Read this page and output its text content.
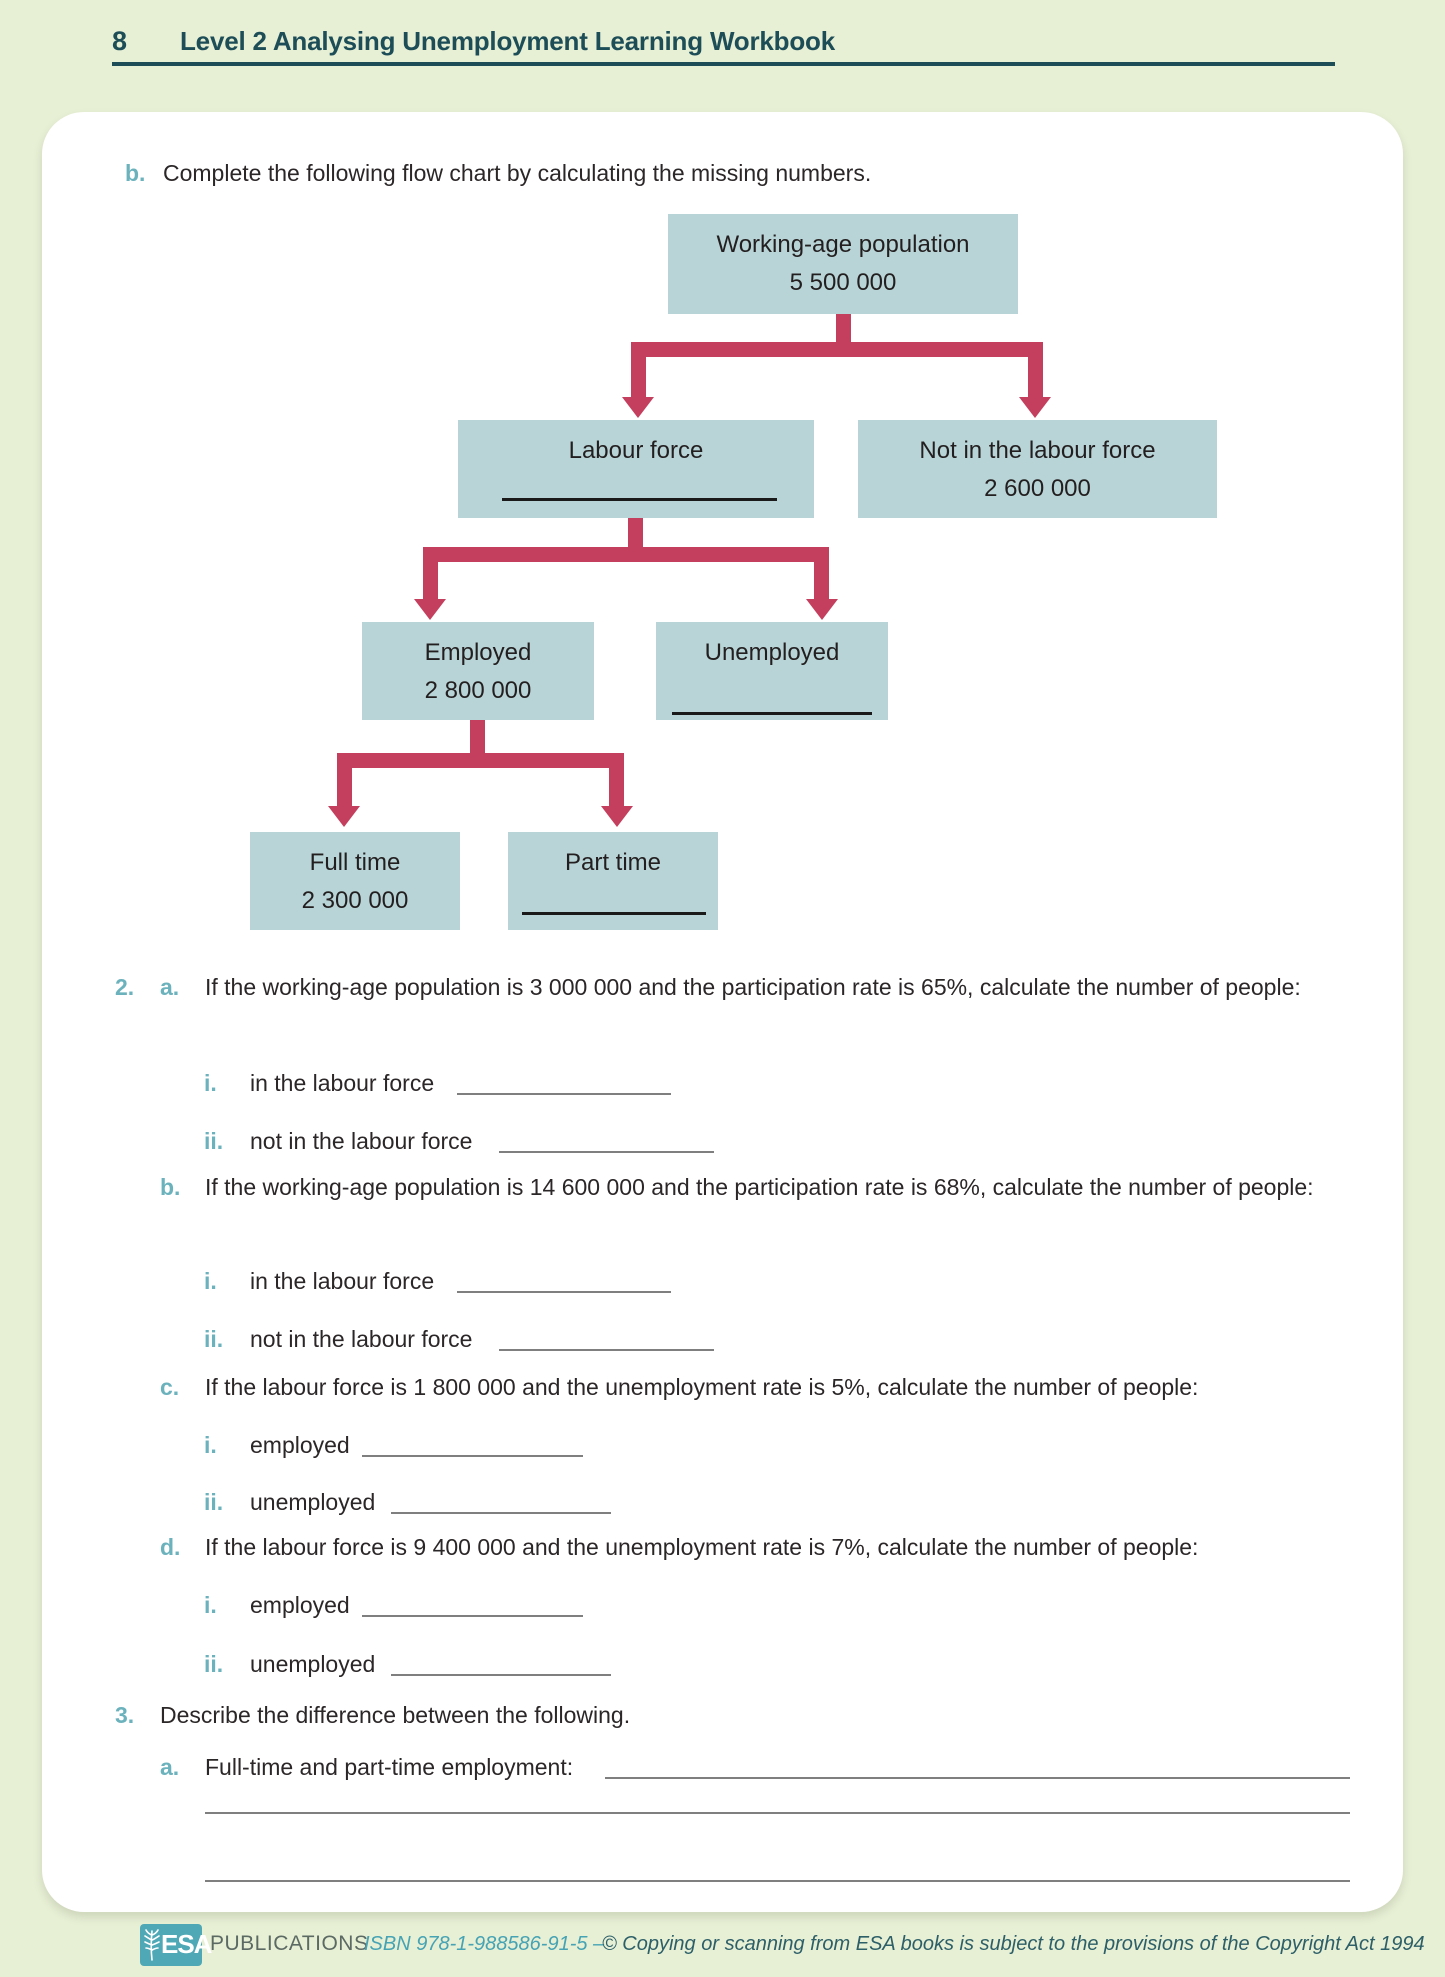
8 Level 2 Analysing Unemployment Learning Workbook
b. Complete the following flow chart by calculating the missing numbers.
Working-age population
5 500 000
Labour force	Not in the labour force
2 600 000
Employed
2 800 000
Unemployed
Full time
2 300 000
Part time
2. a. If the working-age population is 3 000 000 and the participation rate is 65%, calculate the number of people:
i. in the labour force
ii. not in the labour force
b. If the working-age population is 14 600 000 and the participation rate is 68%, calculate the number of people:
i. in the labour force
ii. not in the labour force
c. If the labour force is 1 800 000 and the unemployment rate is 5%, calculate the number of people:
i. employed
ii. unemployed
d. If the labour force is 9 400 000 and the unemployment rate is 7%, calculate the number of people:
i. employed
ii. unemployed
3. Describe the difference between the following.
a. Full-time and part-time employment:
ESA
PUBLICATIONS
ISBN 978-1-988586-91-5 –
© Copying or scanning from ESA books is subject to the provisions of the Copyright Act 1994
